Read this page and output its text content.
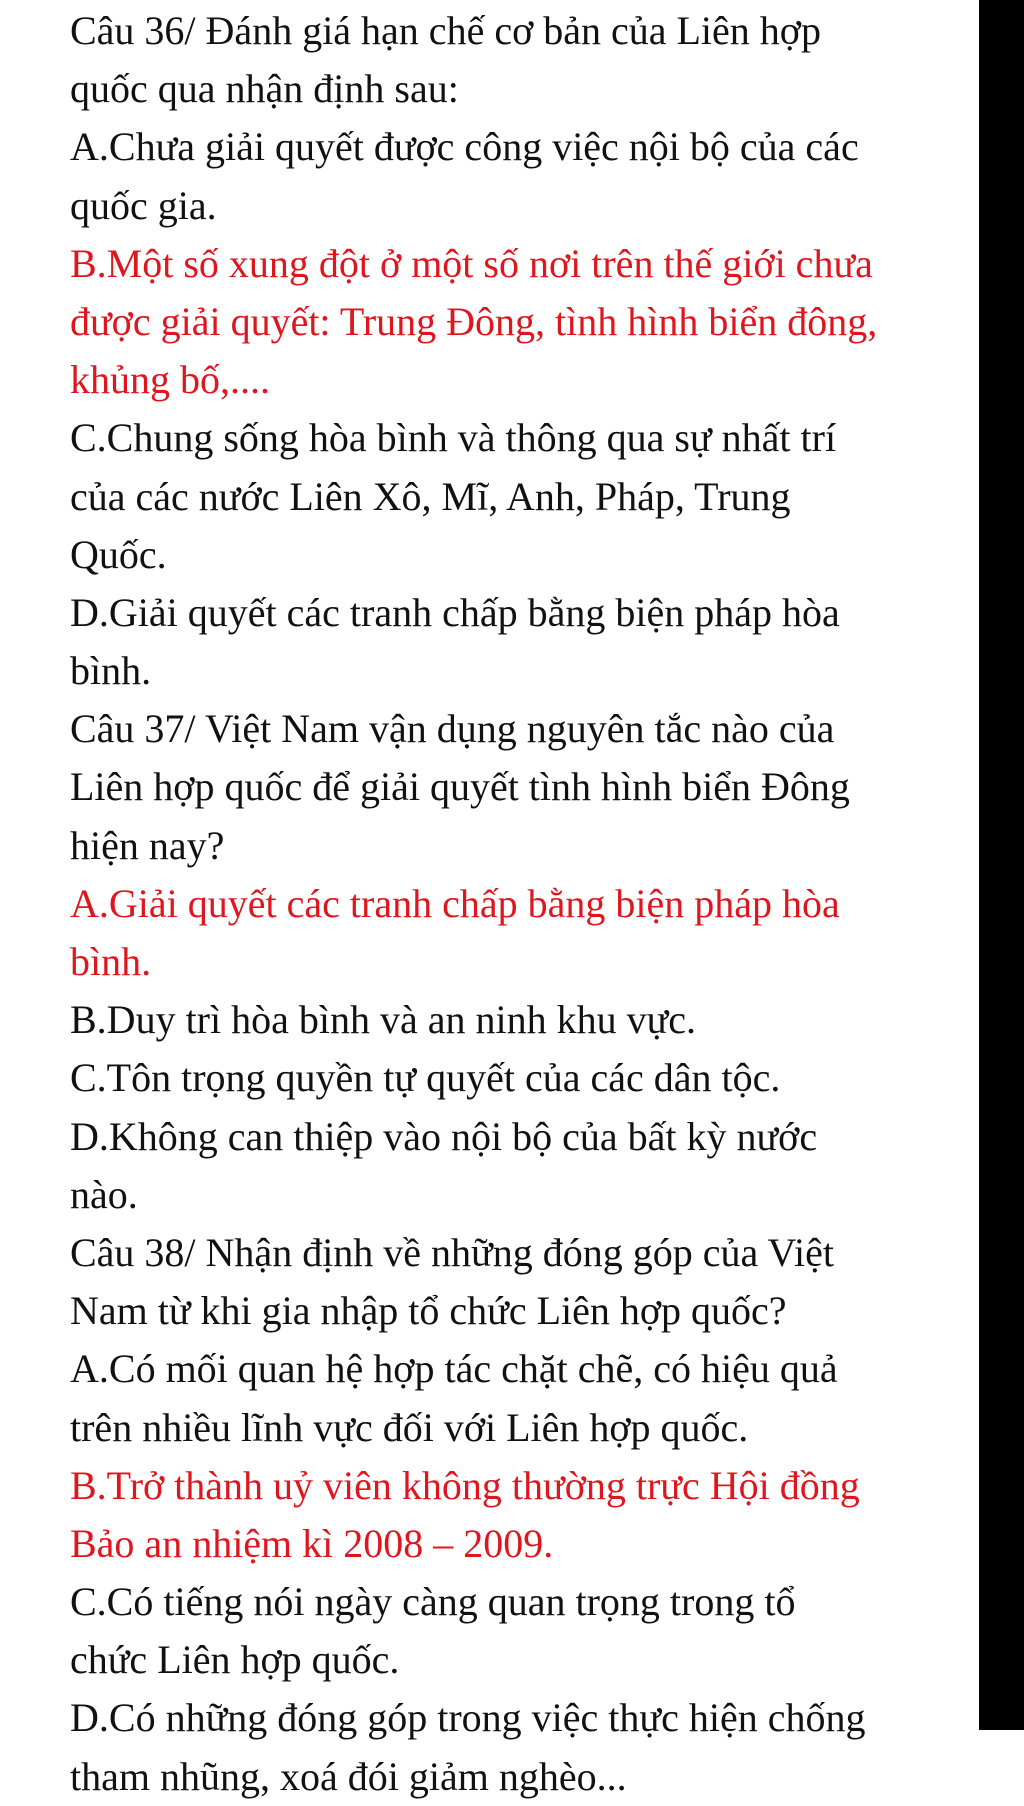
Câu 36/ Đánh giá hạn chế cơ bản của Liên hợp
quốc qua nhận định sau:
A.Chưa giải quyết được công việc nội bộ của các
quốc gia.
B.Một số xung đột ở một số nơi trên thế giới chưa
được giải quyết: Trung Đông, tình hình biển đông,
khủng bố,....
C.Chung sống hòa bình và thông qua sự nhất trí
của các nước Liên Xô, Mĩ, Anh, Pháp, Trung
Quốc.
D.Giải quyết các tranh chấp bằng biện pháp hòa
bình.
Câu 37/ Việt Nam vận dụng nguyên tắc nào của
Liên hợp quốc để giải quyết tình hình biển Đông
hiện nay?
A.Giải quyết các tranh chấp bằng biện pháp hòa
bình.
B.Duy trì hòa bình và an ninh khu vực.
C.Tôn trọng quyền tự quyết của các dân tộc.
D.Không can thiệp vào nội bộ của bất kỳ nước
nào.
Câu 38/ Nhận định về những đóng góp của Việt
Nam từ khi gia nhập tổ chức Liên hợp quốc?
A.Có mối quan hệ hợp tác chặt chẽ, có hiệu quả
trên nhiều lĩnh vực đối với Liên hợp quốc.
B.Trở thành uỷ viên không thường trực Hội đồng
Bảo an nhiệm kì 2008 – 2009.
C.Có tiếng nói ngày càng quan trọng trong tổ
chức Liên hợp quốc.
D.Có những đóng góp trong việc thực hiện chống
tham nhũng, xoá đói giảm nghèo...
